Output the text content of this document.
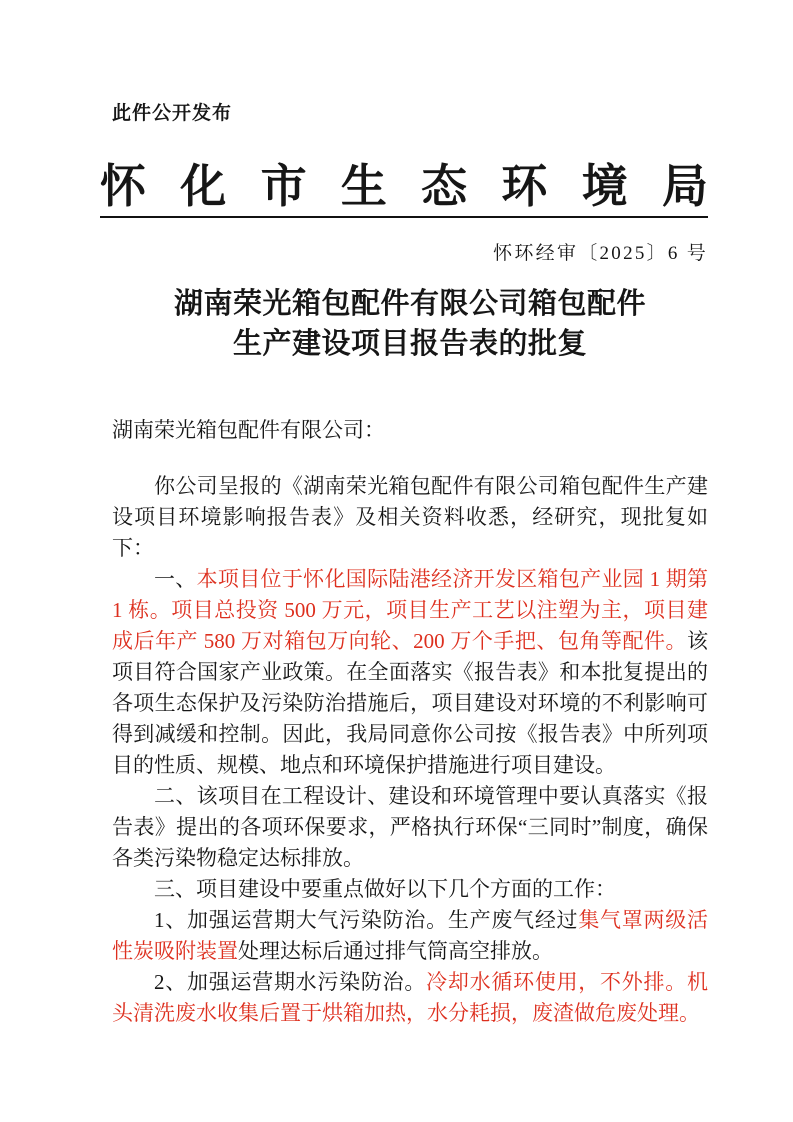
此件公开发布
怀化市生态环境局
怀环经审〔2025〕6 号
湖南荣光箱包配件有限公司箱包配件
生产建设项目报告表的批复
湖南荣光箱包配件有限公司：

你公司呈报的《湖南荣光箱包配件有限公司箱包配件生产建设项目环境影响报告表》及相关资料收悉，经研究，现批复如下：

一、本项目位于怀化国际陆港经济开发区箱包产业园 1 期第 1 栋。项目总投资 500 万元，项目生产工艺以注塑为主，项目建成后年产 580 万对箱包万向轮、200 万个手把、包角等配件。该项目符合国家产业政策。在全面落实《报告表》和本批复提出的各项生态保护及污染防治措施后，项目建设对环境的不利影响可得到减缓和控制。因此，我局同意你公司按《报告表》中所列项目的性质、规模、地点和环境保护措施进行项目建设。

二、该项目在工程设计、建设和环境管理中要认真落实《报告表》提出的各项环保要求，严格执行环保“三同时”制度，确保各类污染物稳定达标排放。

三、项目建设中要重点做好以下几个方面的工作：

1、加强运营期大气污染防治。生产废气经过集气罩两级活性炭吸附装置处理达标后通过排气筒高空排放。

2、加强运营期水污染防治。冷却水循环使用，不外排。机头清洗废水收集后置于烘箱加热，水分耗损，废渣做危废处理。
